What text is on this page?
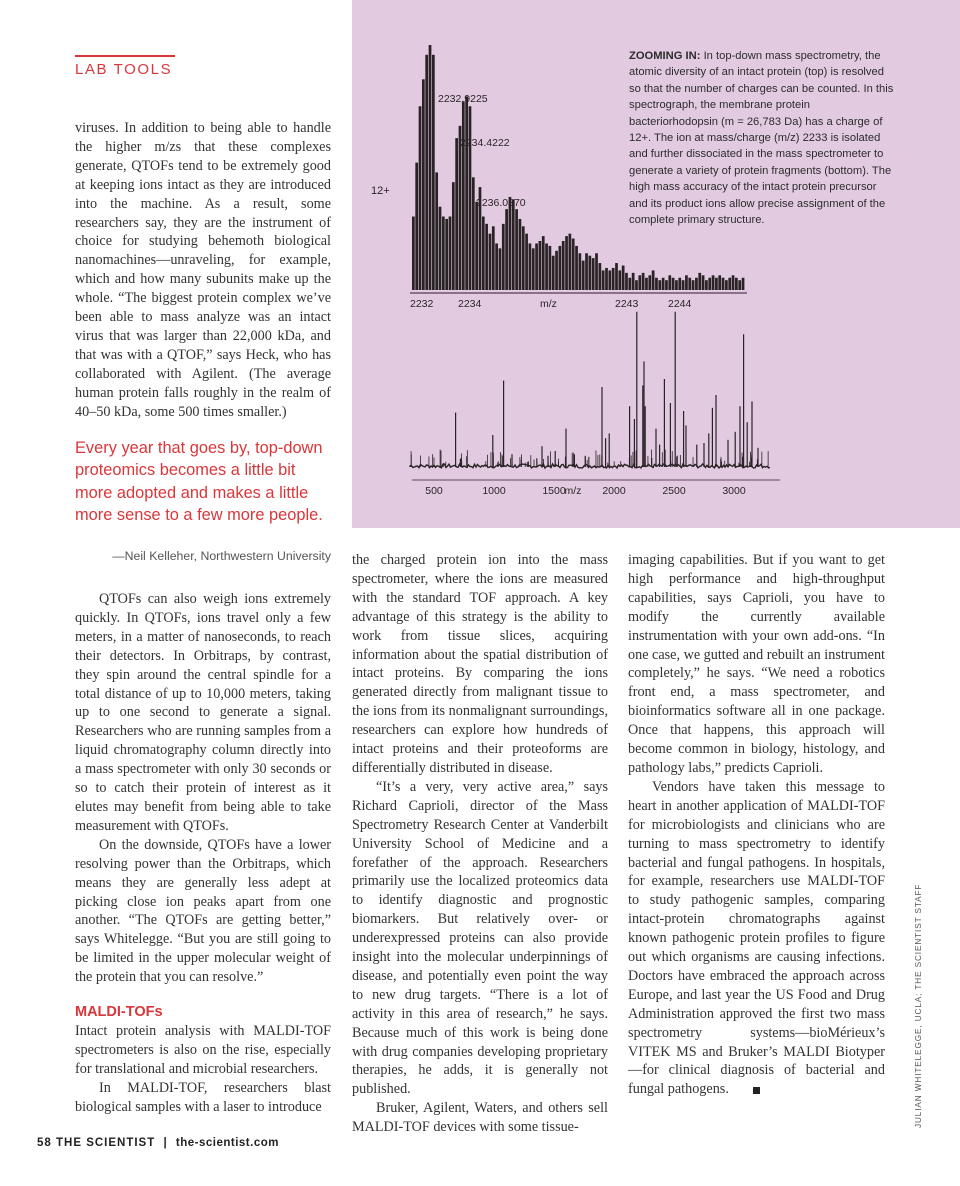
2232 2234	2243	2244
m/z
12+
2232.9225
2234.4222
2236.0870
500	1000	1500	2000	2500	3000
m/z
ZOOMING IN: In top-down mass spectrometry, the atomic diversity of an intact protein (top) is resolved so that the number of charges can be counted. In this spectrograph, the membrane protein bacteriorhodopsin (m = 26,783 Da) has a charge of 12+. The ion at mass/charge (m/z) 2233 is isolated and further dissociated in the mass spectrometer to generate a variety of protein fragments (bottom). The high mass accuracy of the intact protein precursor and its product ions allow precise assignment of the complete primary structure.
LAB TOOLS

viruses. In addition to being able to handle the higher m/zs that these complexes generate, QTOFs tend to be extremely good at keeping ions intact as they are introduced into the machine. As a result, some researchers say, they are the instrument of choice for studying behemoth biological nanomachines—unraveling, for example, which and how many subunits make up the whole. “The biggest protein complex we’ve been able to mass analyze was an intact virus that was larger than 22,000 kDa, and that was with a QTOF,” says Heck, who has collaborated with Agilent. (The average human protein falls roughly in the realm of 40–50 kDa, some 500 times smaller.)

Every year that goes by, top-down proteomics becomes a little bit more adopted and makes a little more sense to a few more people.
—Neil Kelleher, Northwestern University

QTOFs can also weigh ions extremely quickly. In QTOFs, ions travel only a few meters, in a matter of nanoseconds, to reach their detectors. In Orbitraps, by contrast, they spin around the central spindle for a total distance of up to 10,000 meters, taking up to one second to generate a signal. Researchers who are running samples from a liquid chromatography column directly into a mass spectrometer with only 30 seconds or so to catch their protein of interest as it elutes may benefit from being able to take measurement with QTOFs.

On the downside, QTOFs have a lower resolving power than the Orbitraps, which means they are generally less adept at picking close ion peaks apart from one another. “The QTOFs are getting better,” says Whitelegge. “But you are still going to be limited in the upper molecular weight of the protein that you can resolve.”

MALDI-TOFs

Intact protein analysis with MALDI-TOF spectrometers is also on the rise, especially for translational and microbial researchers.

In MALDI-TOF, researchers blast biological samples with a laser to introduce

the charged protein ion into the mass spectrometer, where the ions are measured with the standard TOF approach. A key advantage of this strategy is the ability to work from tissue slices, acquiring information about the spatial distribution of intact proteins. By comparing the ions generated directly from malignant tissue to the ions from its nonmalignant surroundings, researchers can explore how hundreds of intact proteins and their proteoforms are differentially distributed in disease.

“It’s a very, very active area,” says Richard Caprioli, director of the Mass Spectrometry Research Center at Vanderbilt University School of Medicine and a forefather of the approach. Researchers primarily use the localized proteomics data to identify diagnostic and prognostic biomarkers. But relatively over- or underexpressed proteins can also provide insight into the molecular underpinnings of disease, and potentially even point the way to new drug targets. “There is a lot of activity in this area of research,” he says. Because much of this work is being done with drug companies developing proprietary therapies, he adds, it is generally not published.

Bruker, Agilent, Waters, and others sell MALDI-TOF devices with some tissue-

imaging capabilities. But if you want to get high performance and high-throughput capabilities, says Caprioli, you have to modify the currently available instrumentation with your own add-ons. “In one case, we gutted and rebuilt an instrument completely,” he says. “We need a robotics front end, a mass spectrometer, and bioinformatics software all in one package. Once that happens, this approach will become common in biology, histology, and pathology labs,” predicts Caprioli.

Vendors have taken this message to heart in another application of MALDI-TOF for microbiologists and clinicians who are turning to mass spectrometry to identify bacterial and fungal pathogens. In hospitals, for example, researchers use MALDI-TOF to study pathogenic samples, comparing intact-protein chromatographs against known pathogenic protein profiles to figure out which organisms are causing infections. Doctors have embraced the approach across Europe, and last year the US Food and Drug Administration approved the first two mass spectrometry systems—bioMérieux’s VITEK MS and Bruker’s MALDI Biotyper—for clinical diagnosis of bacterial and fungal pathogens.	JULIAN WHITELEGGE, UCLA; THE SCIENTIST STAFF
58 THE SCIENTIST | the-scientist.com
